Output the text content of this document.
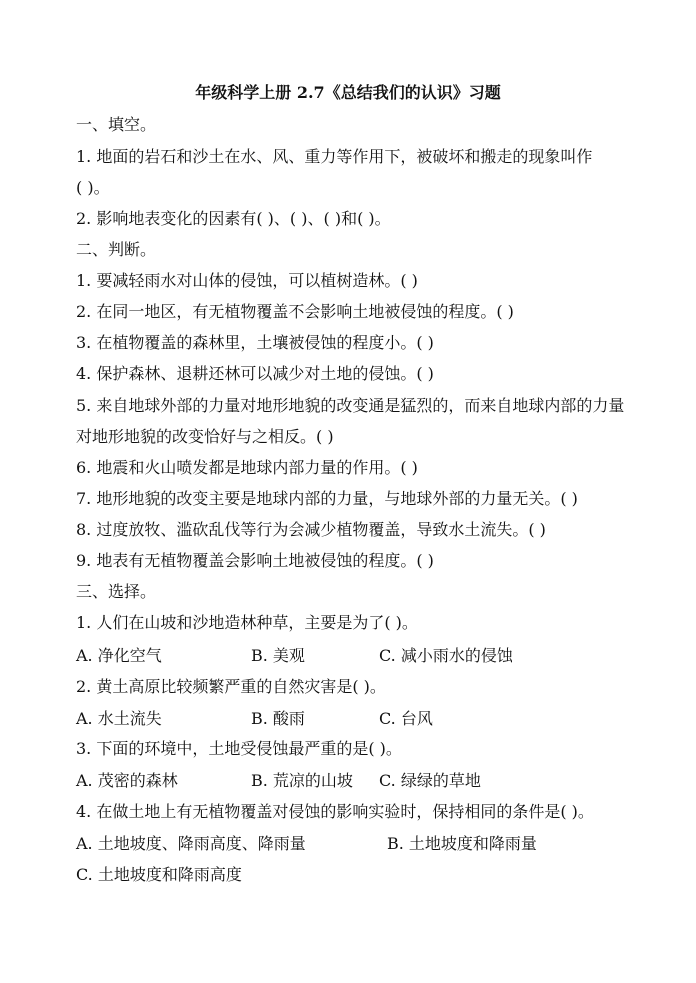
年级科学上册 2.7《总结我们的认识》习题
一、填空。
1. 地面的岩石和沙土在水、风、重力等作用下，被破坏和搬走的现象叫作
( )。
2. 影响地表变化的因素有( )、( )、( )和( )。
二、判断。
1. 要减轻雨水对山体的侵蚀，可以植树造林。( )
2. 在同一地区，有无植物覆盖不会影响土地被侵蚀的程度。( )
3. 在植物覆盖的森林里，土壤被侵蚀的程度小。( )
4. 保护森林、退耕还林可以减少对土地的侵蚀。( )
5. 来自地球外部的力量对地形地貌的改变通是猛烈的，而来自地球内部的力量
对地形地貌的改变恰好与之相反。( )
6. 地震和火山喷发都是地球内部力量的作用。( )
7. 地形地貌的改变主要是地球内部的力量，与地球外部的力量无关。( )
8. 过度放牧、滥砍乱伐等行为会减少植物覆盖，导致水土流失。( )
9. 地表有无植物覆盖会影响土地被侵蚀的程度。( )
三、选择。
1. 人们在山坡和沙地造林种草，主要是为了( )。
A. 净化空气	B. 美观	C. 减小雨水的侵蚀
2. 黄土高原比较频繁严重的自然灾害是( )。
A. 水土流失	B. 酸雨	C. 台风
3. 下面的环境中，土地受侵蚀最严重的是( )。
A. 茂密的森林	B. 荒凉的山坡 C. 绿绿的草地
4. 在做土地上有无植物覆盖对侵蚀的影响实验时，保持相同的条件是( )。
A. 土地坡度、降雨高度、降雨量	B. 土地坡度和降雨量
C. 土地坡度和降雨高度
